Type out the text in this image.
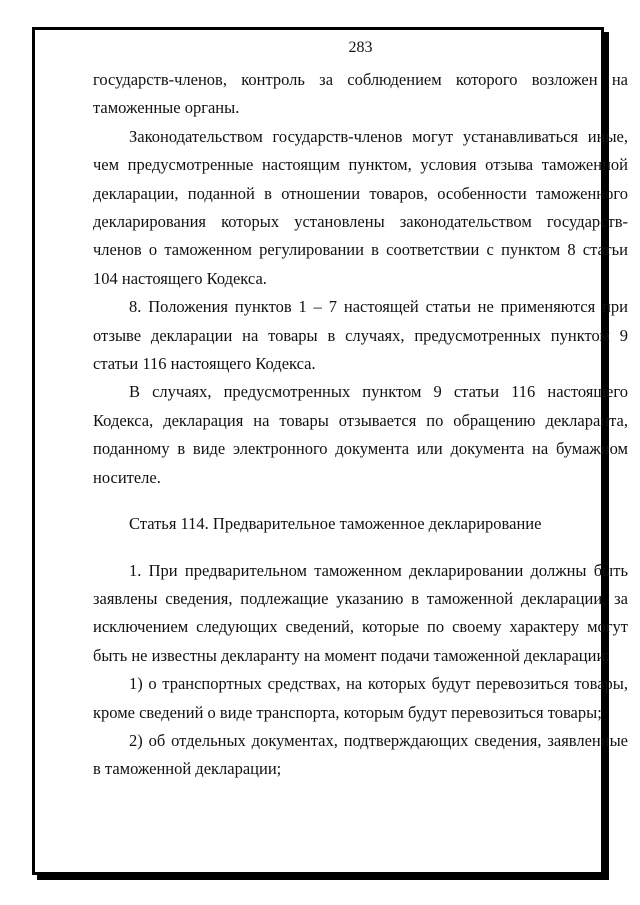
283

государств-членов, контроль за соблюдением которого возложен на таможенные органы.

Законодательством государств-членов могут устанавливаться иные, чем предусмотренные настоящим пунктом, условия отзыва таможенной декларации, поданной в отношении товаров, особенности таможенного декларирования которых установлены законодательством государств-членов о таможенном регулировании в соответствии с пунктом 8 статьи 104 настоящего Кодекса.

8. Положения пунктов 1 – 7 настоящей статьи не применяются при отзыве декларации на товары в случаях, предусмотренных пунктом 9 статьи 116 настоящего Кодекса.

В случаях, предусмотренных пунктом 9 статьи 116 настоящего Кодекса, декларация на товары отзывается по обращению декларанта, поданному в виде электронного документа или документа на бумажном носителе.

Статья 114. Предварительное таможенное декларирование

1. При предварительном таможенном декларировании должны быть заявлены сведения, подлежащие указанию в таможенной декларации, за исключением следующих сведений, которые по своему характеру могут быть не известны декларанту на момент подачи таможенной декларации:

1) о транспортных средствах, на которых будут перевозиться товары, кроме сведений о виде транспорта, которым будут перевозиться товары;

2) об отдельных документах, подтверждающих сведения, заявленные в таможенной декларации;
